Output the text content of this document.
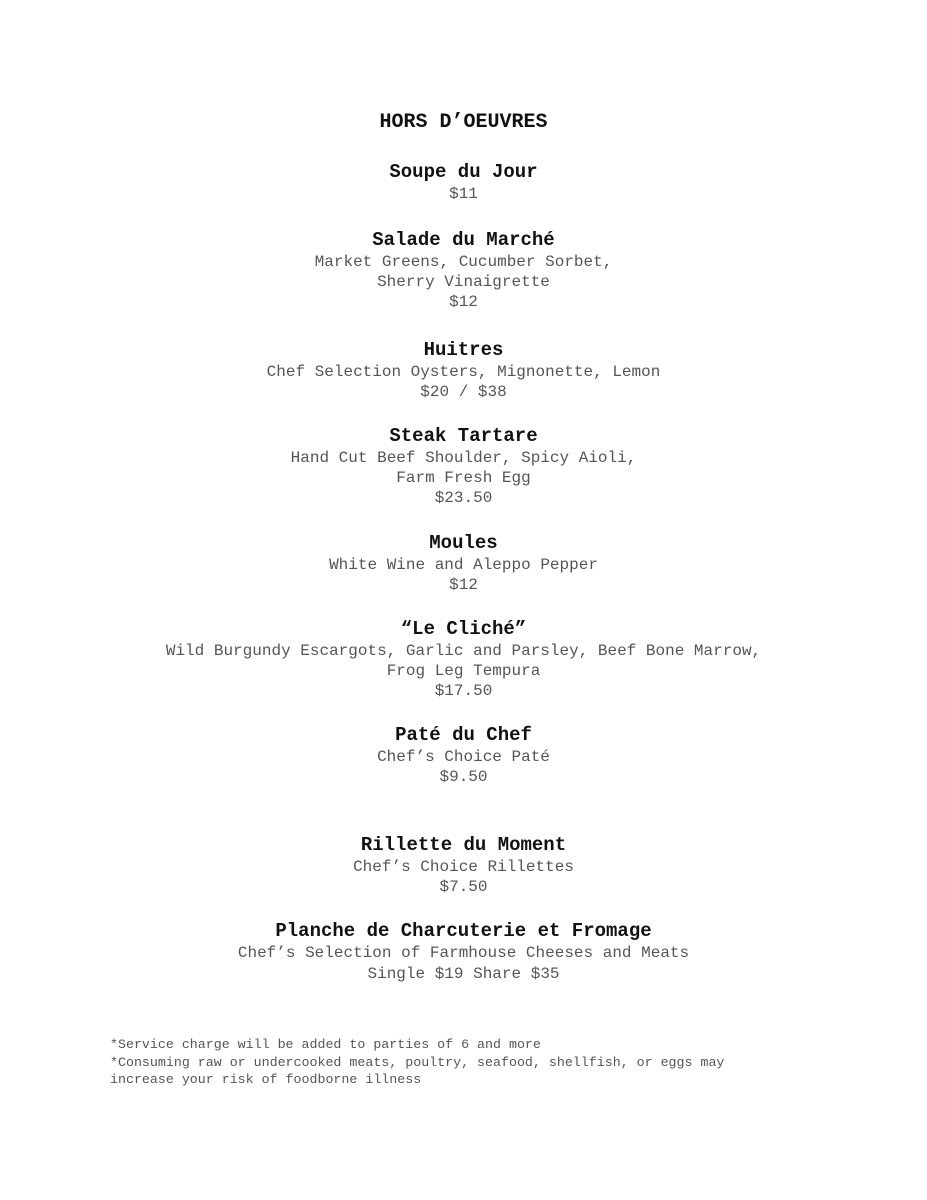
HORS D’OEUVRES
Soupe du Jour
$11
Salade du Marché
Market Greens, Cucumber Sorbet,
Sherry Vinaigrette
$12
Huitres
Chef Selection Oysters, Mignonette, Lemon
$20 / $38
Steak Tartare
Hand Cut Beef Shoulder, Spicy Aioli,
Farm Fresh Egg
$23.50
Moules
White Wine and Aleppo Pepper
$12
“Le Cliché”
Wild Burgundy Escargots, Garlic and Parsley, Beef Bone Marrow,
Frog Leg Tempura
$17.50
Paté du Chef
Chef’s Choice Paté
$9.50
Rillette du Moment
Chef’s Choice Rillettes
$7.50
Planche de Charcuterie et Fromage
Chef’s Selection of Farmhouse Cheeses and Meats
Single $19 Share $35
*Service charge will be added to parties of 6 and more
*Consuming raw or undercooked meats, poultry, seafood, shellfish, or eggs may
increase your risk of foodborne illness
